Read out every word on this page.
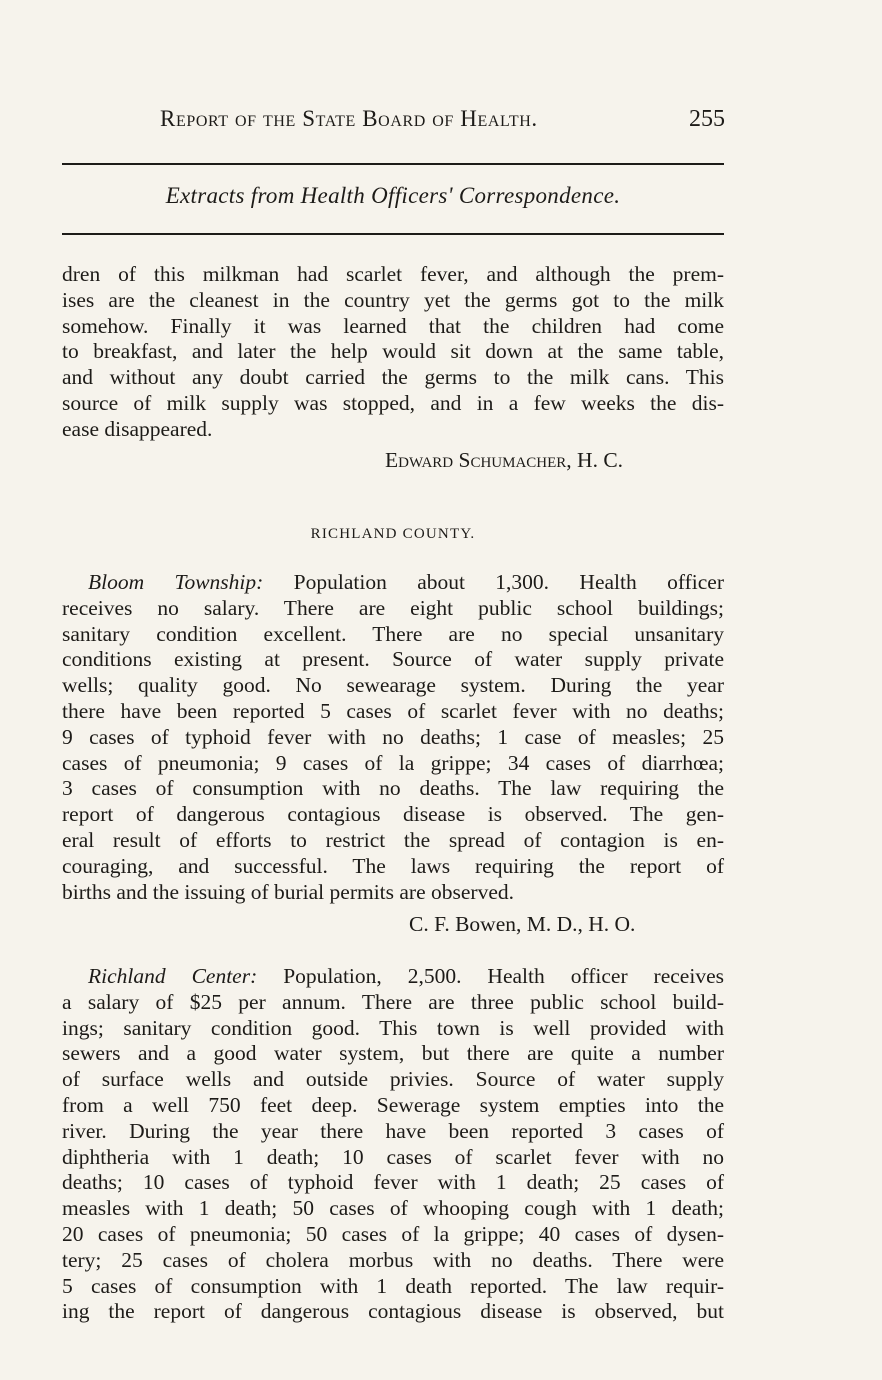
Report of the State Board of Health.	255
Extracts from Health Officers' Correspondence.
dren of this milkman had scarlet fever, and although the prem-
ises are the cleanest in the country yet the germs got to the milk
somehow. Finally it was learned that the children had come
to breakfast, and later the help would sit down at the same table,
and without any doubt carried the germs to the milk cans. This
source of milk supply was stopped, and in a few weeks the dis-
ease disappeared.
Edward Schumacher, H. C.
RICHLAND COUNTY.
Bloom Township: Population about 1,300. Health officer
receives no salary. There are eight public school buildings;
sanitary condition excellent. There are no special unsanitary
conditions existing at present. Source of water supply private
wells; quality good. No sewearage system. During the year
there have been reported 5 cases of scarlet fever with no deaths;
9 cases of typhoid fever with no deaths; 1 case of measles; 25
cases of pneumonia; 9 cases of la grippe; 34 cases of diarrhœa;
3 cases of consumption with no deaths. The law requiring the
report of dangerous contagious disease is observed. The gen-
eral result of efforts to restrict the spread of contagion is en-
couraging, and successful. The laws requiring the report of
births and the issuing of burial permits are observed.
C. F. Bowen, M. D., H. O.
Richland Center: Population, 2,500. Health officer receives
a salary of $25 per annum. There are three public school build-
ings; sanitary condition good. This town is well provided with
sewers and a good water system, but there are quite a number
of surface wells and outside privies. Source of water supply
from a well 750 feet deep. Sewerage system empties into the
river. During the year there have been reported 3 cases of
diphtheria with 1 death; 10 cases of scarlet fever with no
deaths; 10 cases of typhoid fever with 1 death; 25 cases of
measles with 1 death; 50 cases of whooping cough with 1 death;
20 cases of pneumonia; 50 cases of la grippe; 40 cases of dysen-
tery; 25 cases of cholera morbus with no deaths. There were
5 cases of consumption with 1 death reported. The law requir-
ing the report of dangerous contagious disease is observed, but
